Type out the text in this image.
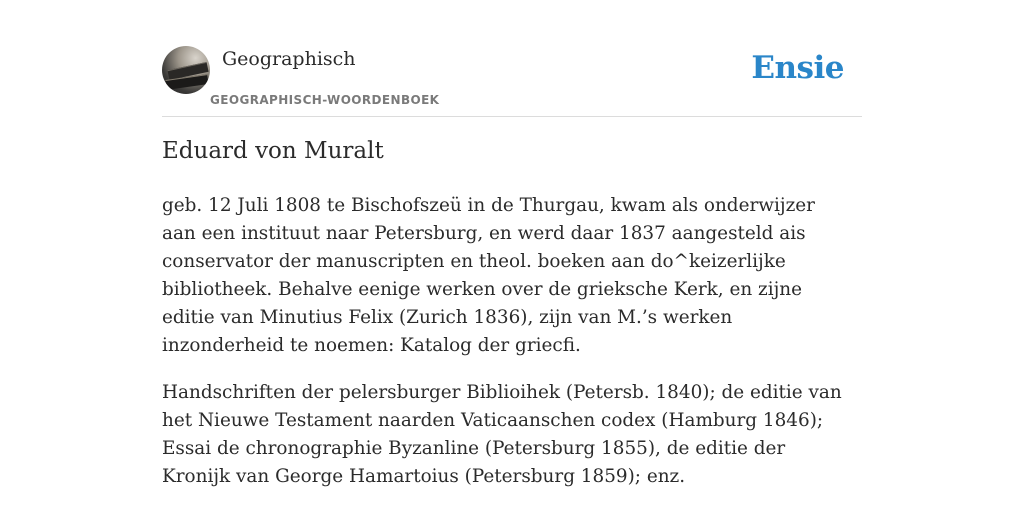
Geographisch
GEOGRAPHISCH-WOORDENBOEK
Ensie
Eduard von Muralt

geb. 12 Juli 1808 te Bischofszeü in de Thurgau, kwam als onderwijzer aan een instituut naar Petersburg, en werd daar 1837 aangesteld ais conservator der manuscripten en theol. boeken aan do^keizerlijke bibliotheek. Behalve eenige werken over de grieksche Kerk, en zijne editie van Minutius Felix (Zurich 1836), zijn van M.’s werken inzonderheid te noemen: Katalog der griecfi.

Handschriften der pelersburger Biblioihek (Petersb. 1840); de editie van het Nieuwe Testament naarden Vaticaanschen codex (Hamburg 1846); Essai de chronographie Byzanline (Petersburg 1855), de editie der Kronijk van George Hamartoius (Petersburg 1859); enz.
